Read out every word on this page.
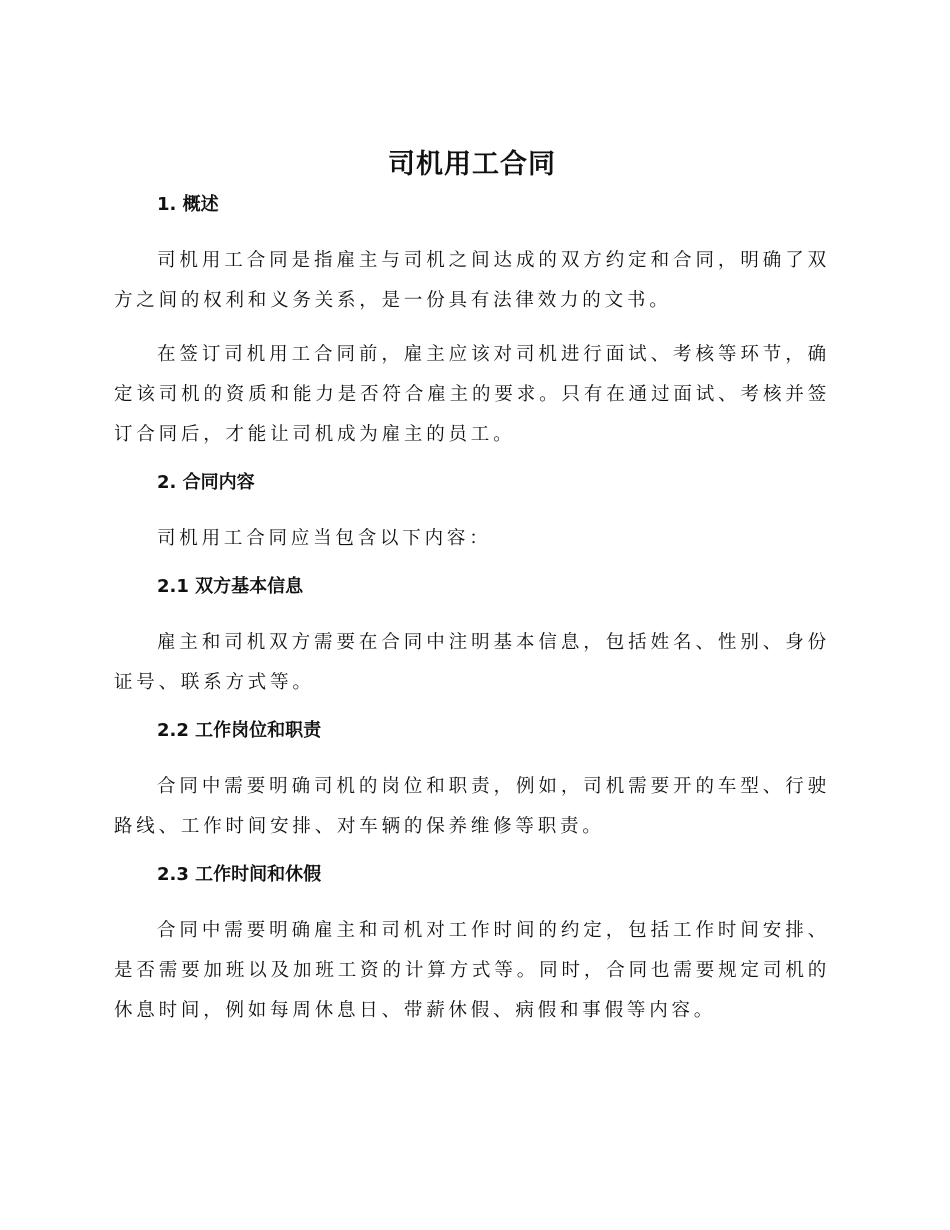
司机用工合同
1. 概述

司机用工合同是指雇主与司机之间达成的双方约定和合同，明确了双方之间的权利和义务关系，是一份具有法律效力的文书。

在签订司机用工合同前，雇主应该对司机进行面试、考核等环节，确定该司机的资质和能力是否符合雇主的要求。只有在通过面试、考核并签订合同后，才能让司机成为雇主的员工。

2. 合同内容

司机用工合同应当包含以下内容：

2.1 双方基本信息

雇主和司机双方需要在合同中注明基本信息，包括姓名、性别、身份证号、联系方式等。

2.2 工作岗位和职责

合同中需要明确司机的岗位和职责，例如，司机需要开的车型、行驶路线、工作时间安排、对车辆的保养维修等职责。

2.3 工作时间和休假

合同中需要明确雇主和司机对工作时间的约定，包括工作时间安排、是否需要加班以及加班工资的计算方式等。同时，合同也需要规定司机的休息时间，例如每周休息日、带薪休假、病假和事假等内容。
